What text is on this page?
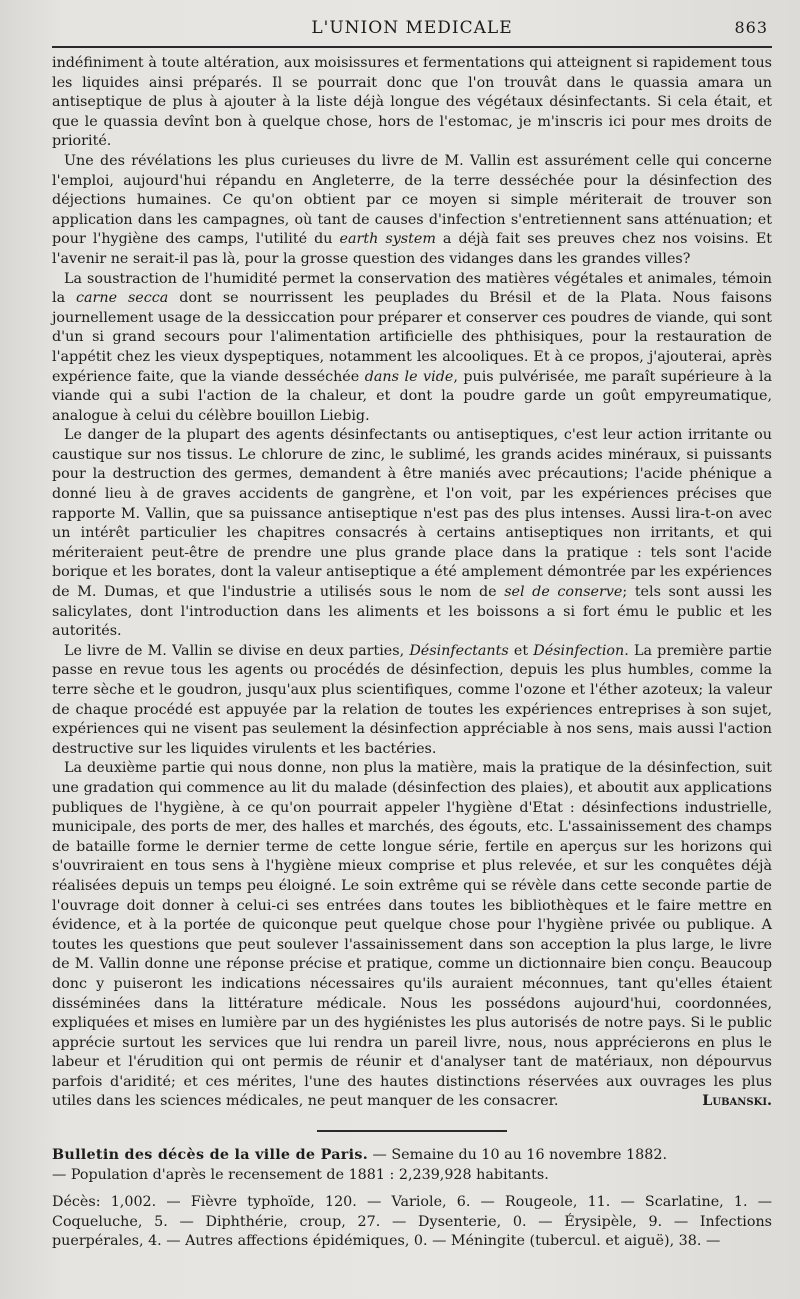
L'UNION MEDICALE	863

indéfiniment à toute altération, aux moisissures et fermentations qui atteignent si rapidement tous les liquides ainsi préparés. Il se pourrait donc que l'on trouvât dans le quassia amara un antiseptique de plus à ajouter à la liste déjà longue des végétaux désinfectants. Si cela était, et que le quassia devînt bon à quelque chose, hors de l'estomac, je m'inscris ici pour mes droits de priorité.

Une des révélations les plus curieuses du livre de M. Vallin est assurément celle qui concerne l'emploi, aujourd'hui répandu en Angleterre, de la terre desséchée pour la désinfection des déjections humaines. Ce qu'on obtient par ce moyen si simple mériterait de trouver son application dans les campagnes, où tant de causes d'infection s'entretiennent sans atténuation; et pour l'hygiène des camps, l'utilité du earth system a déjà fait ses preuves chez nos voisins. Et l'avenir ne serait-il pas là, pour la grosse question des vidanges dans les grandes villes?

La soustraction de l'humidité permet la conservation des matières végétales et animales, témoin la carne secca dont se nourrissent les peuplades du Brésil et de la Plata. Nous faisons journellement usage de la dessiccation pour préparer et conserver ces poudres de viande, qui sont d'un si grand secours pour l'alimentation artificielle des phthisiques, pour la restauration de l'appétit chez les vieux dyspeptiques, notamment les alcooliques. Et à ce propos, j'ajouterai, après expérience faite, que la viande desséchée dans le vide, puis pulvérisée, me paraît supérieure à la viande qui a subi l'action de la chaleur, et dont la poudre garde un goût empyreumatique, analogue à celui du célèbre bouillon Liebig.

Le danger de la plupart des agents désinfectants ou antiseptiques, c'est leur action irritante ou caustique sur nos tissus. Le chlorure de zinc, le sublimé, les grands acides minéraux, si puissants pour la destruction des germes, demandent à être maniés avec précautions; l'acide phénique a donné lieu à de graves accidents de gangrène, et l'on voit, par les expériences précises que rapporte M. Vallin, que sa puissance antiseptique n'est pas des plus intenses. Aussi lira-t-on avec un intérêt particulier les chapitres consacrés à certains antiseptiques non irritants, et qui mériteraient peut-être de prendre une plus grande place dans la pratique : tels sont l'acide borique et les borates, dont la valeur antiseptique a été amplement démontrée par les expériences de M. Dumas, et que l'industrie a utilisés sous le nom de sel de conserve; tels sont aussi les salicylates, dont l'introduction dans les aliments et les boissons a si fort ému le public et les autorités.

Le livre de M. Vallin se divise en deux parties, Désinfectants et Désinfection. La première partie passe en revue tous les agents ou procédés de désinfection, depuis les plus humbles, comme la terre sèche et le goudron, jusqu'aux plus scientifiques, comme l'ozone et l'éther azoteux; la valeur de chaque procédé est appuyée par la relation de toutes les expériences entreprises à son sujet, expériences qui ne visent pas seulement la désinfection appréciable à nos sens, mais aussi l'action destructive sur les liquides virulents et les bactéries.

La deuxième partie qui nous donne, non plus la matière, mais la pratique de la désinfection, suit une gradation qui commence au lit du malade (désinfection des plaies), et aboutit aux applications publiques de l'hygiène, à ce qu'on pourrait appeler l'hygiène d'Etat : désinfections industrielle, municipale, des ports de mer, des halles et marchés, des égouts, etc. L'assainissement des champs de bataille forme le dernier terme de cette longue série, fertile en aperçus sur les horizons qui s'ouvriraient en tous sens à l'hygiène mieux comprise et plus relevée, et sur les conquêtes déjà réalisées depuis un temps peu éloigné. Le soin extrême qui se révèle dans cette seconde partie de l'ouvrage doit donner à celui-ci ses entrées dans toutes les bibliothèques et le faire mettre en évidence, et à la portée de quiconque peut quelque chose pour l'hygiène privée ou publique. A toutes les questions que peut soulever l'assainissement dans son acception la plus large, le livre de M. Vallin donne une réponse précise et pratique, comme un dictionnaire bien conçu. Beaucoup donc y puiseront les indications nécessaires qu'ils auraient méconnues, tant qu'elles étaient disséminées dans la littérature médicale. Nous les possédons aujourd'hui, coordonnées, expliquées et mises en lumière par un des hygiénistes les plus autorisés de notre pays. Si le public apprécie surtout les services que lui rendra un pareil livre, nous, nous apprécierons en plus le labeur et l'érudition qui ont permis de réunir et d'analyser tant de matériaux, non dépourvus parfois d'aridité; et ces mérites, l'une des hautes distinctions réservées aux ouvrages les plus utiles dans les sciences médicales, ne peut manquer de les consacrer.	Lubanski.

Bulletin des décès de la ville de Paris. — Semaine du 10 au 16 novembre 1882.

— Population d'après le recensement de 1881 : 2,239,928 habitants.

Décès: 1,002. — Fièvre typhoïde, 120. — Variole, 6. — Rougeole, 11. — Scarlatine, 1. — Coqueluche, 5. — Diphthérie, croup, 27. — Dysenterie, 0. — Érysipèle, 9. — Infections puerpérales, 4. — Autres affections épidémiques, 0. — Méningite (tubercul. et aiguë), 38. —
